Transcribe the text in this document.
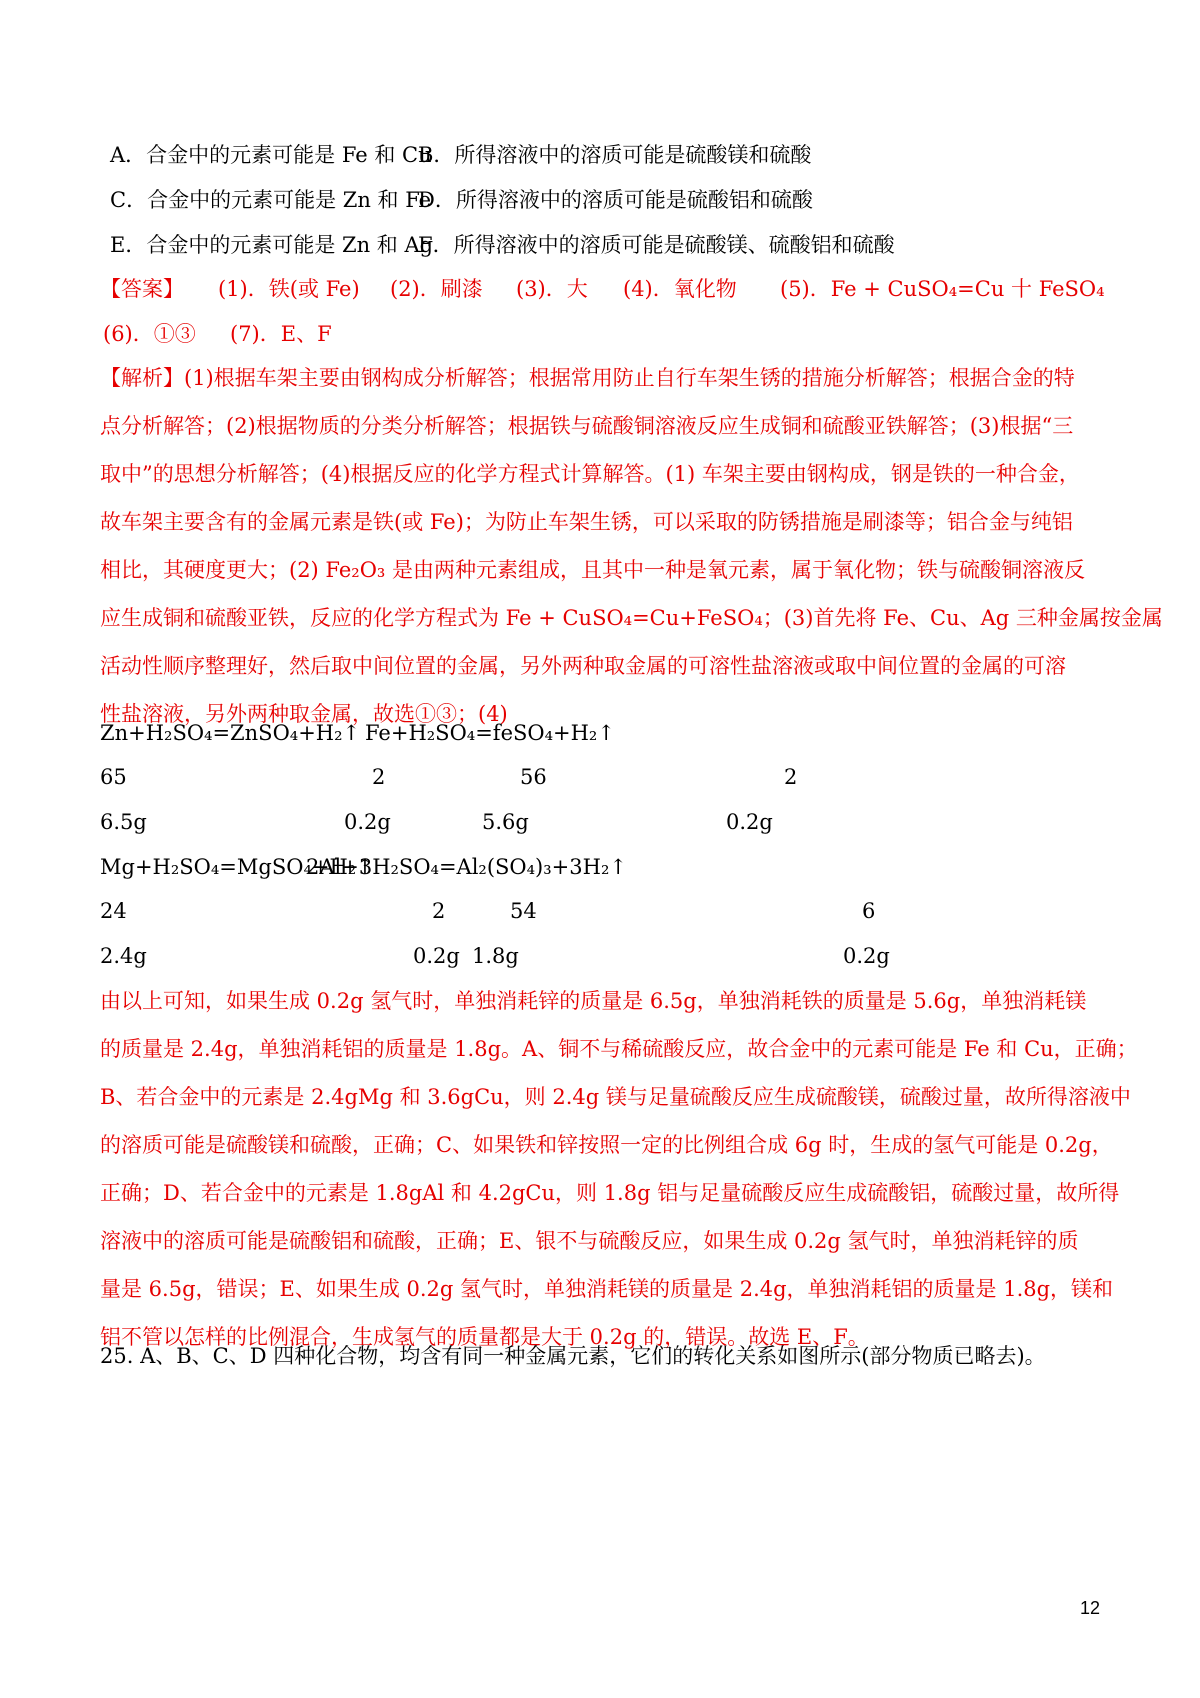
A．合金中的元素可能是 Fe 和 Cu
B．所得溶液中的溶质可能是硫酸镁和硫酸
C．合金中的元素可能是 Zn 和 Fe
D．所得溶液中的溶质可能是硫酸铝和硫酸
E．合金中的元素可能是 Zn 和 Ag
F．所得溶液中的溶质可能是硫酸镁、硫酸铝和硫酸
【答案】 (1)．铁(或 Fe) (2)．刷漆 (3)．大 (4)．氧化物 (5)．Fe + CuSO₄=Cu 十 FeSO₄
(6)．①③ (7)．E、F
【解析】(1)根据车架主要由钢构成分析解答；根据常用防止自行车架生锈的措施分析解答；根据合金的特
点分析解答；(2)根据物质的分类分析解答；根据铁与硫酸铜溶液反应生成铜和硫酸亚铁解答；(3)根据“三
取中”的思想分析解答；(4)根据反应的化学方程式计算解答。(1) 车架主要由钢构成，钢是铁的一种合金，
故车架主要含有的金属元素是铁(或 Fe)；为防止车架生锈，可以采取的防锈措施是刷漆等；铝合金与纯铝
相比，其硬度更大；(2) Fe₂O₃ 是由两种元素组成，且其中一种是氧元素，属于氧化物；铁与硫酸铜溶液反
应生成铜和硫酸亚铁，反应的化学方程式为 Fe + CuSO₄=Cu+FeSO₄；(3)首先将 Fe、Cu、Ag 三种金属按金属
活动性顺序整理好，然后取中间位置的金属，另外两种取金属的可溶性盐溶液或取中间位置的金属的可溶
性盐溶液，另外两种取金属，故选①③；(4)
Zn+H₂SO₄=ZnSO₄+H₂↑ Fe+H₂SO₄=feSO₄+H₂↑
65	2	56	2
6.5g	0.2g	5.6g	0.2g
Mg+H₂SO₄=MgSO₄+H₂↑
2Al+3H₂SO₄=Al₂(SO₄)₃+3H₂↑
24	2	54	6
2.4g	0.2g 1.8g	0.2g
由以上可知，如果生成 0.2g 氢气时，单独消耗锌的质量是 6.5g，单独消耗铁的质量是 5.6g，单独消耗镁
的质量是 2.4g，单独消耗铝的质量是 1.8g。A、铜不与稀硫酸反应，故合金中的元素可能是 Fe 和 Cu，正确；
B、若合金中的元素是 2.4gMg 和 3.6gCu，则 2.4g 镁与足量硫酸反应生成硫酸镁，硫酸过量，故所得溶液中
的溶质可能是硫酸镁和硫酸，正确；C、如果铁和锌按照一定的比例组合成 6g 时，生成的氢气可能是 0.2g，
正确；D、若合金中的元素是 1.8gAl 和 4.2gCu，则 1.8g 铝与足量硫酸反应生成硫酸铝，硫酸过量，故所得
溶液中的溶质可能是硫酸铝和硫酸，正确；E、银不与硫酸反应，如果生成 0.2g 氢气时，单独消耗锌的质
量是 6.5g，错误；E、如果生成 0.2g 氢气时，单独消耗镁的质量是 2.4g，单独消耗铝的质量是 1.8g，镁和
铝不管以怎样的比例混合，生成氢气的质量都是大于 0.2g 的，错误。故选 E、F。
25. A、B、C、D 四种化合物，均含有同一种金属元素，它们的转化关系如图所示(部分物质已略去)。
12
